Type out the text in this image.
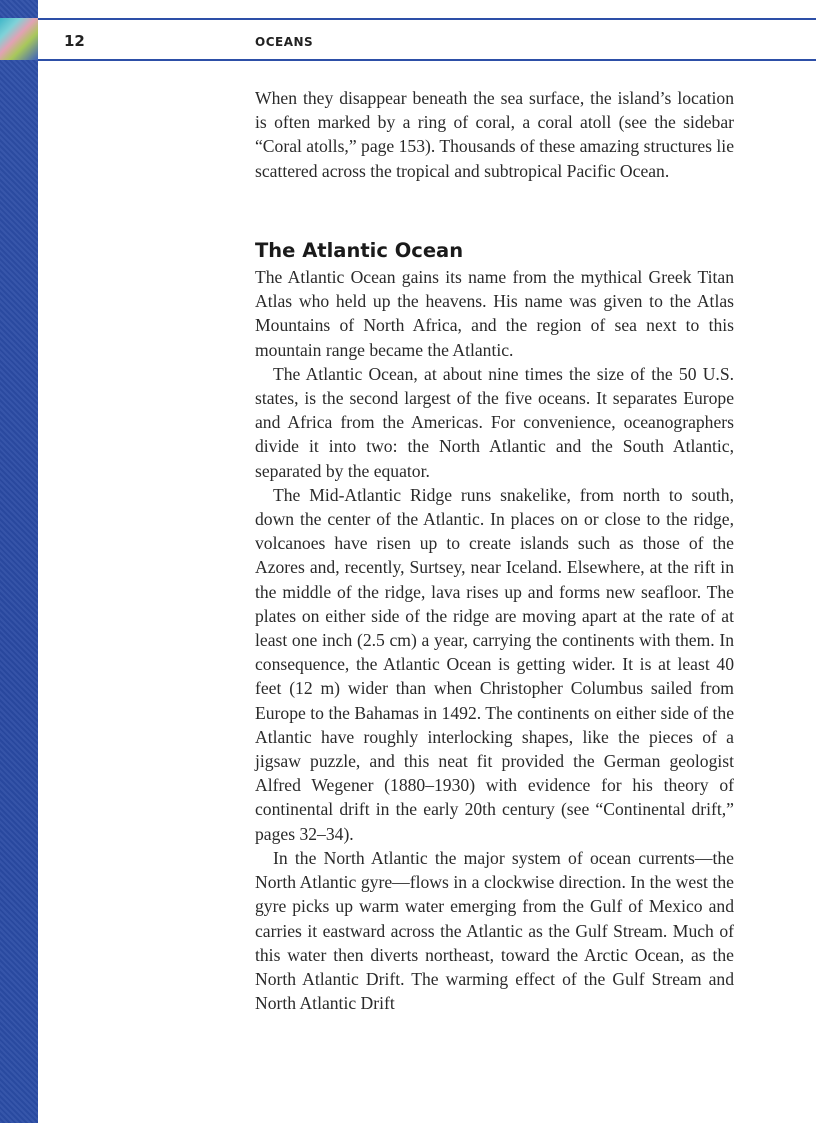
12	OCEANS

When they disappear beneath the sea surface, the island’s location is often marked by a ring of coral, a coral atoll (see the sidebar “Coral atolls,” page 153). Thousands of these amazing structures lie scattered across the tropical and subtropical Pacific Ocean.

The Atlantic Ocean

The Atlantic Ocean gains its name from the mythical Greek Titan Atlas who held up the heavens. His name was given to the Atlas Mountains of North Africa, and the region of sea next to this mountain range became the Atlantic.

The Atlantic Ocean, at about nine times the size of the 50 U.S. states, is the second largest of the five oceans. It separates Europe and Africa from the Americas. For convenience, oceanographers divide it into two: the North Atlantic and the South Atlantic, separated by the equator.

The Mid-Atlantic Ridge runs snakelike, from north to south, down the center of the Atlantic. In places on or close to the ridge, volcanoes have risen up to create islands such as those of the Azores and, recently, Surtsey, near Iceland. Elsewhere, at the rift in the middle of the ridge, lava rises up and forms new seafloor. The plates on either side of the ridge are moving apart at the rate of at least one inch (2.5 cm) a year, carrying the continents with them. In consequence, the Atlantic Ocean is getting wider. It is at least 40 feet (12 m) wider than when Christopher Columbus sailed from Europe to the Bahamas in 1492. The continents on either side of the Atlantic have roughly interlocking shapes, like the pieces of a jigsaw puzzle, and this neat fit provided the German geologist Alfred Wegener (1880–1930) with evidence for his theory of continental drift in the early 20th century (see “Continental drift,” pages 32–34).

In the North Atlantic the major system of ocean currents—the North Atlantic gyre—flows in a clockwise direction. In the west the gyre picks up warm water emerging from the Gulf of Mexico and carries it eastward across the Atlantic as the Gulf Stream. Much of this water then diverts northeast, toward the Arctic Ocean, as the North Atlantic Drift. The warming effect of the Gulf Stream and North Atlantic Drift
